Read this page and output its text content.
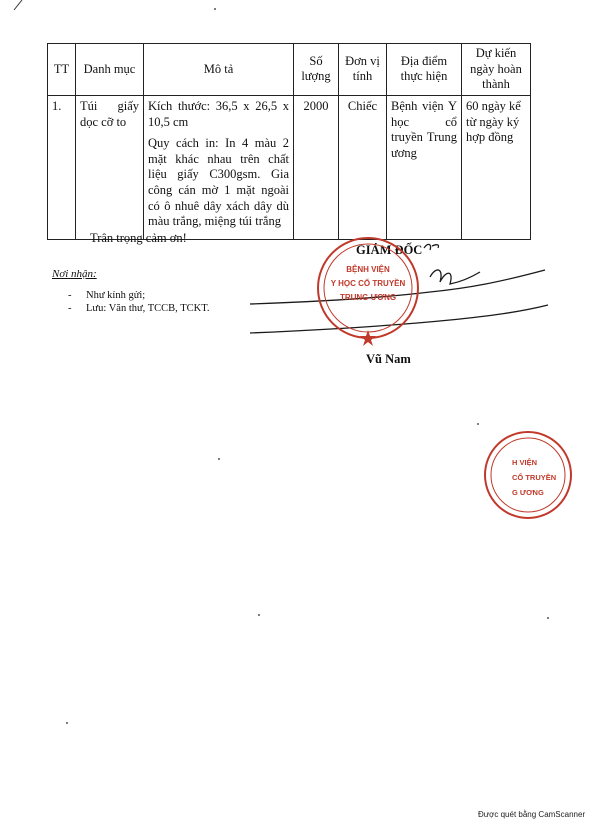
TT	Danh mục	Mô tả	Số lượng	Đơn vị tính	Địa điểm thực hiện	Dự kiến ngày hoàn thành
1.	Túi giấy dọc cỡ to	Kích thước: 36,5 x 26,5 x 10,5 cm

Quy cách in: In 4 màu 2 mặt khác nhau trên chất liệu giấy C300gsm. Gia công cán mờ 1 mặt ngoài có ô nhuê dây xách dây dù màu trắng, miệng túi trắng	2000	Chiếc	Bệnh viện Y học cổ truyền Trung ương	60 ngày kể từ ngày ký hợp đồng
Trân trọng cảm ơn!
Nơi nhận:
- Như kính gửi;
- Lưu: Văn thư, TCCB, TCKT.
GIÁM ĐỐC
Vũ Nam
BỆNH VIỆN
Y HỌC CỔ TRUYỀN
TRUNG ƯƠNG
H VIỆN
CỔ TRUYỀN
G ƯƠNG
Được quét bằng CamScanner
